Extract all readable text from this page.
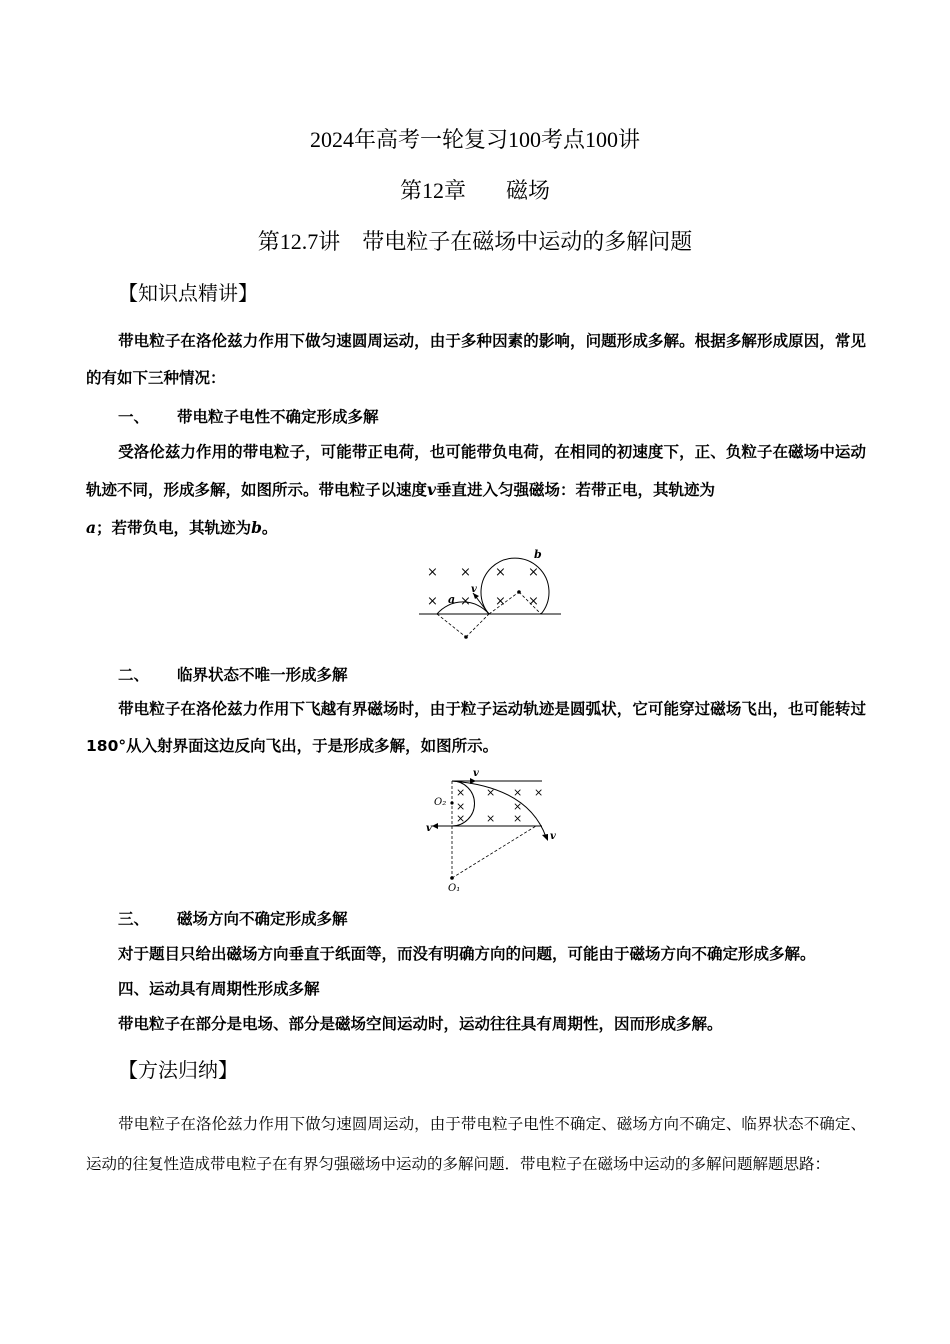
2024年高考一轮复习100考点100讲
第12章 磁场
第12.7讲 带电粒子在磁场中运动的多解问题
【知识点精讲】
带电粒子在洛伦兹力作用下做匀速圆周运动，由于多种因素的影响，问题形成多解。根据多解形成原因，常见的有如下三种情况：
一、 带电粒子电性不确定形成多解
受洛伦兹力作用的带电粒子，可能带正电荷，也可能带负电荷，在相同的初速度下，正、负粒子在磁场中运动轨迹不同，形成多解，如图所示。带电粒子以速度v垂直进入匀强磁场：若带正电，其轨迹为
a；若带负电，其轨迹为b。
× × × ×
× × × ×
v
a
b
二、 临界状态不唯一形成多解
带电粒子在洛伦兹力作用下飞越有界磁场时，由于粒子运动轨迹是圆弧状，它可能穿过磁场飞出，也可能转过180°从入射界面这边反向飞出，于是形成多解，如图所示。
× × × ×
×	×
× × ×
v
v
v
O₂
O₁
三、 磁场方向不确定形成多解
对于题目只给出磁场方向垂直于纸面等，而没有明确方向的问题，可能由于磁场方向不确定形成多解。
四、运动具有周期性形成多解
带电粒子在部分是电场、部分是磁场空间运动时，运动往往具有周期性，因而形成多解。
【方法归纳】
带电粒子在洛伦兹力作用下做匀速圆周运动，由于带电粒子电性不确定、磁场方向不确定、临界状态不确定、运动的往复性造成带电粒子在有界匀强磁场中运动的多解问题．带电粒子在磁场中运动的多解问题解题思路：
